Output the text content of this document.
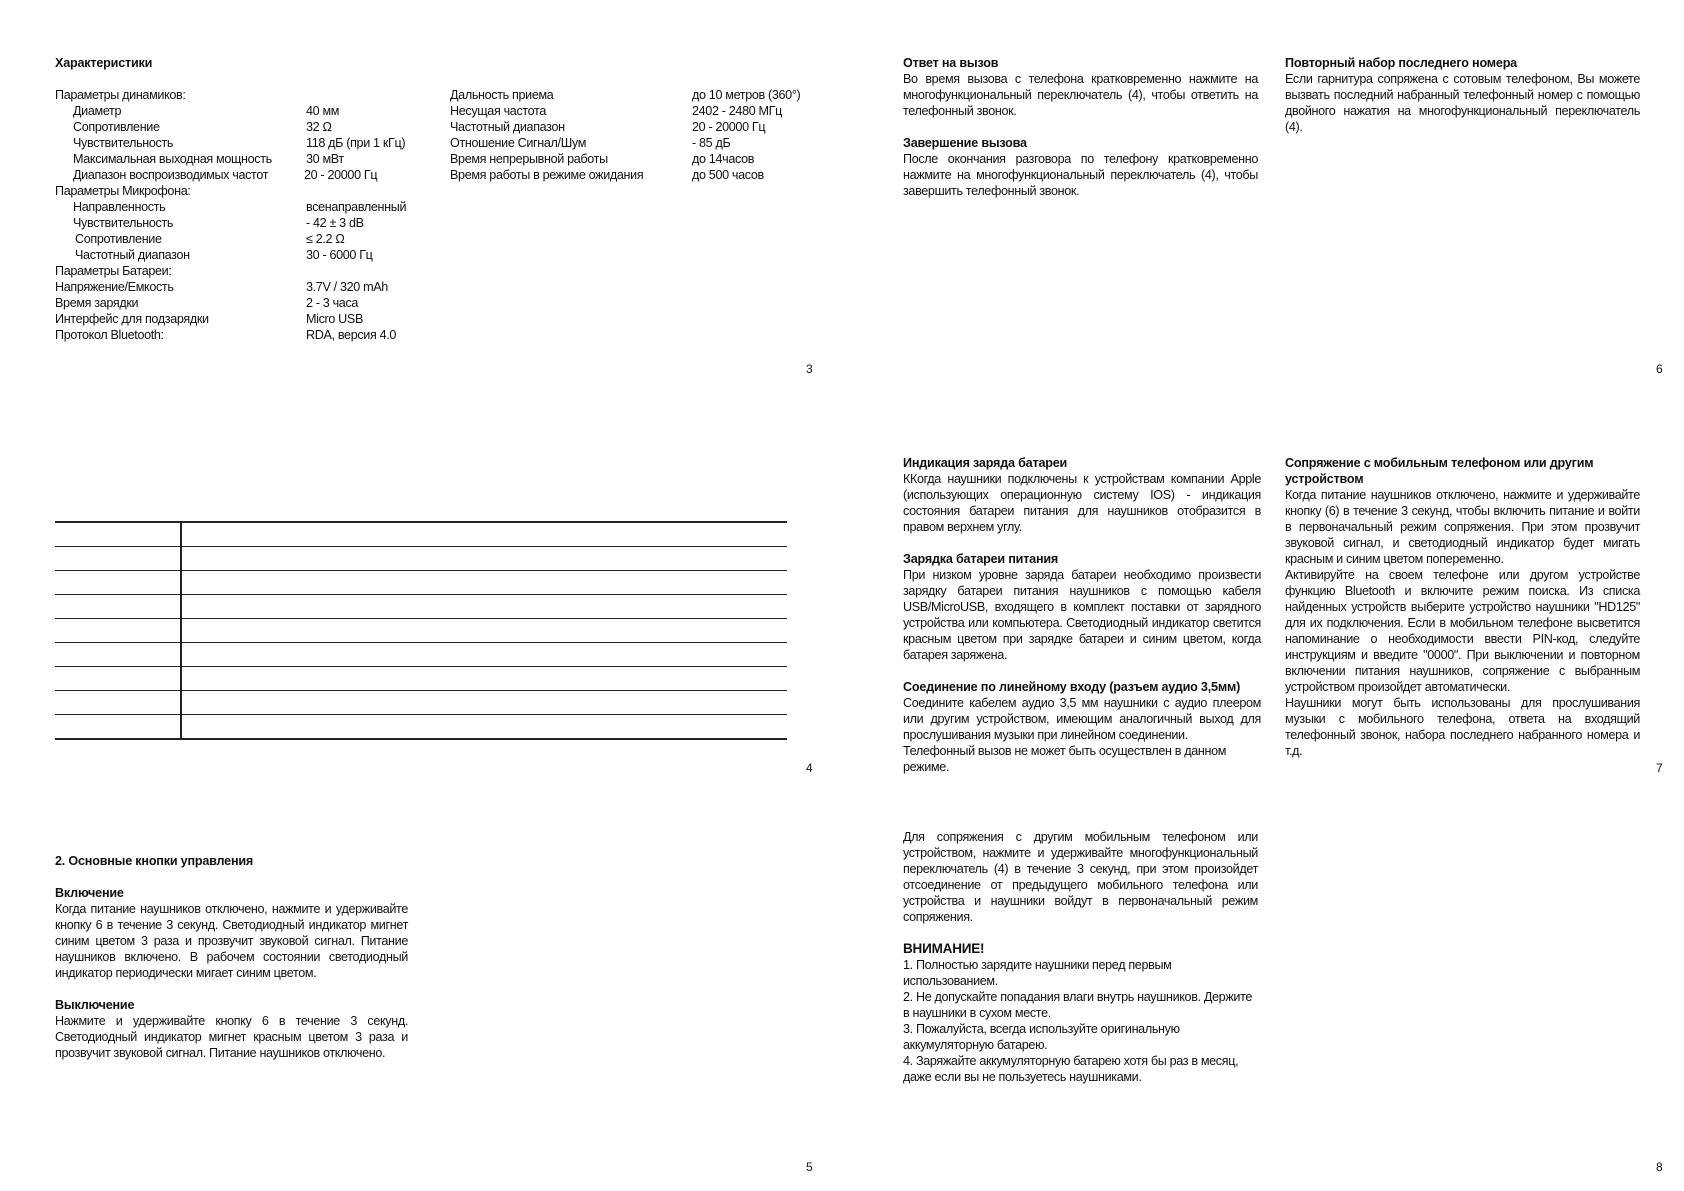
Характеристики
Параметры динамиков:
Диаметр	40 мм
Сопротивление	32 Ω
Чувствительность	118 дБ (при 1 кГц)
Максимальная выходная мощность	30 мВт
Диапазон воспроизводимых частот	20 - 20000 Гц
Параметры Микрофона:
Направленность	всенаправленный
Чувствительность	- 42 ± 3 dB
Сопротивление	≤ 2.2 Ω
Частотный диапазон	30 - 6000 Гц
Параметры Батареи:
Напряжение/Емкость	3.7V / 320 mAh
Время зарядки	2 - 3 часа
Интерфейс для подзарядки	Micro USB
Протокол Bluetooth:	RDA, версия 4.0
Дальность приема	до 10 метров (360°)
Несущая частота	2402 - 2480 МГц
Частотный диапазон	20 - 20000 Гц
Отношение Сигнал/Шум	- 85 дБ
Время непрерывной работы	до 14часов
Время работы в режиме ожидания	до 500 часов
3

4
2. Основные кнопки управления
Включение
Когда питание наушников отключено, нажмите и удерживайте кнопку 6 в течение 3 секунд. Светодиодный индикатор мигнет синим цветом 3 раза и прозвучит звуковой сигнал. Питание наушников включено. В рабочем состоянии светодиодный индикатор периодически мигает синим цветом.
Выключение
Нажмите и удерживайте кнопку 6 в течение 3 секунд. Светодиодный индикатор мигнет красным цветом 3 раза и прозвучит звуковой сигнал. Питание наушников отключено.
5
Ответ на вызов
Во время вызова с телефона кратковременно нажмите на многофункциональный переключатель (4), чтобы ответить на телефонный звонок.
Завершение вызова
После окончания разговора по телефону кратковременно нажмите на многофункциональный переключатель (4), чтобы завершить телефонный звонок.
Повторный набор последнего номера
Если гарнитура сопряжена с сотовым телефоном, Вы можете вызвать последний набранный телефонный номер с помощью двойного нажатия на многофункциональный переключатель (4).
6
Индикация заряда батареи
ККогда наушники подключены к устройствам компании Apple (использующих операционную систему IOS) - индикация состояния батареи питания для наушников отобразится в правом верхнем углу.
Зарядка батареи питания
При низком уровне заряда батареи необходимо произвести зарядку батареи питания наушников с помощью кабеля USB/MicroUSB, входящего в комплект поставки от зарядного устройства или компьютера. Светодиодный индикатор светится красным цветом при зарядке батареи и синим цветом, когда батарея заряжена.
Соединение по линейному входу (разъем аудио 3,5мм)
Соедините кабелем аудио 3,5 мм наушники с аудио плеером или другим устройством, имеющим аналогичный выход для прослушивания музыки при линейном соединении.
Телефонный вызов не может быть осуществлен в данном режиме.
Сопряжение с мобильным телефоном или другим устройством
Когда питание наушников отключено, нажмите и удерживайте кнопку (6) в течение 3 секунд, чтобы включить питание и войти в первоначальный режим сопряжения. При этом прозвучит звуковой сигнал, и светодиодный индикатор будет мигать красным и синим цветом попеременно.
Активируйте на своем телефоне или другом устройстве функцию Bluetooth и включите режим поиска. Из списка найденных устройств выберите устройство наушники "HD125" для их подключения. Если в мобильном телефоне высветится напоминание о необходимости ввести PIN-код, следуйте инструкциям и введите "0000". При выключении и повторном включении питания наушников, сопряжение с выбранным устройством произойдет автоматически.
Наушники могут быть использованы для прослушивания музыки с мобильного телефона, ответа на входящий телефонный звонок, набора последнего набранного номера и т.д.
7
Для сопряжения с другим мобильным телефоном или устройством, нажмите и удерживайте многофункциональный переключатель (4) в течение 3 секунд, при этом произойдет отсоединение от предыдущего мобильного телефона или устройства и наушники войдут в первоначальный режим сопряжения.
ВНИМАНИЕ!
1. Полностью зарядите наушники перед первым использованием.
2. Не допускайте попадания влаги внутрь наушников. Держите в наушники в сухом месте.
3. Пожалуйста, всегда используйте оригинальную аккумуляторную батарею.
4. Заряжайте аккумуляторную батарею хотя бы раз в месяц, даже если вы не пользуетесь наушниками.
8
